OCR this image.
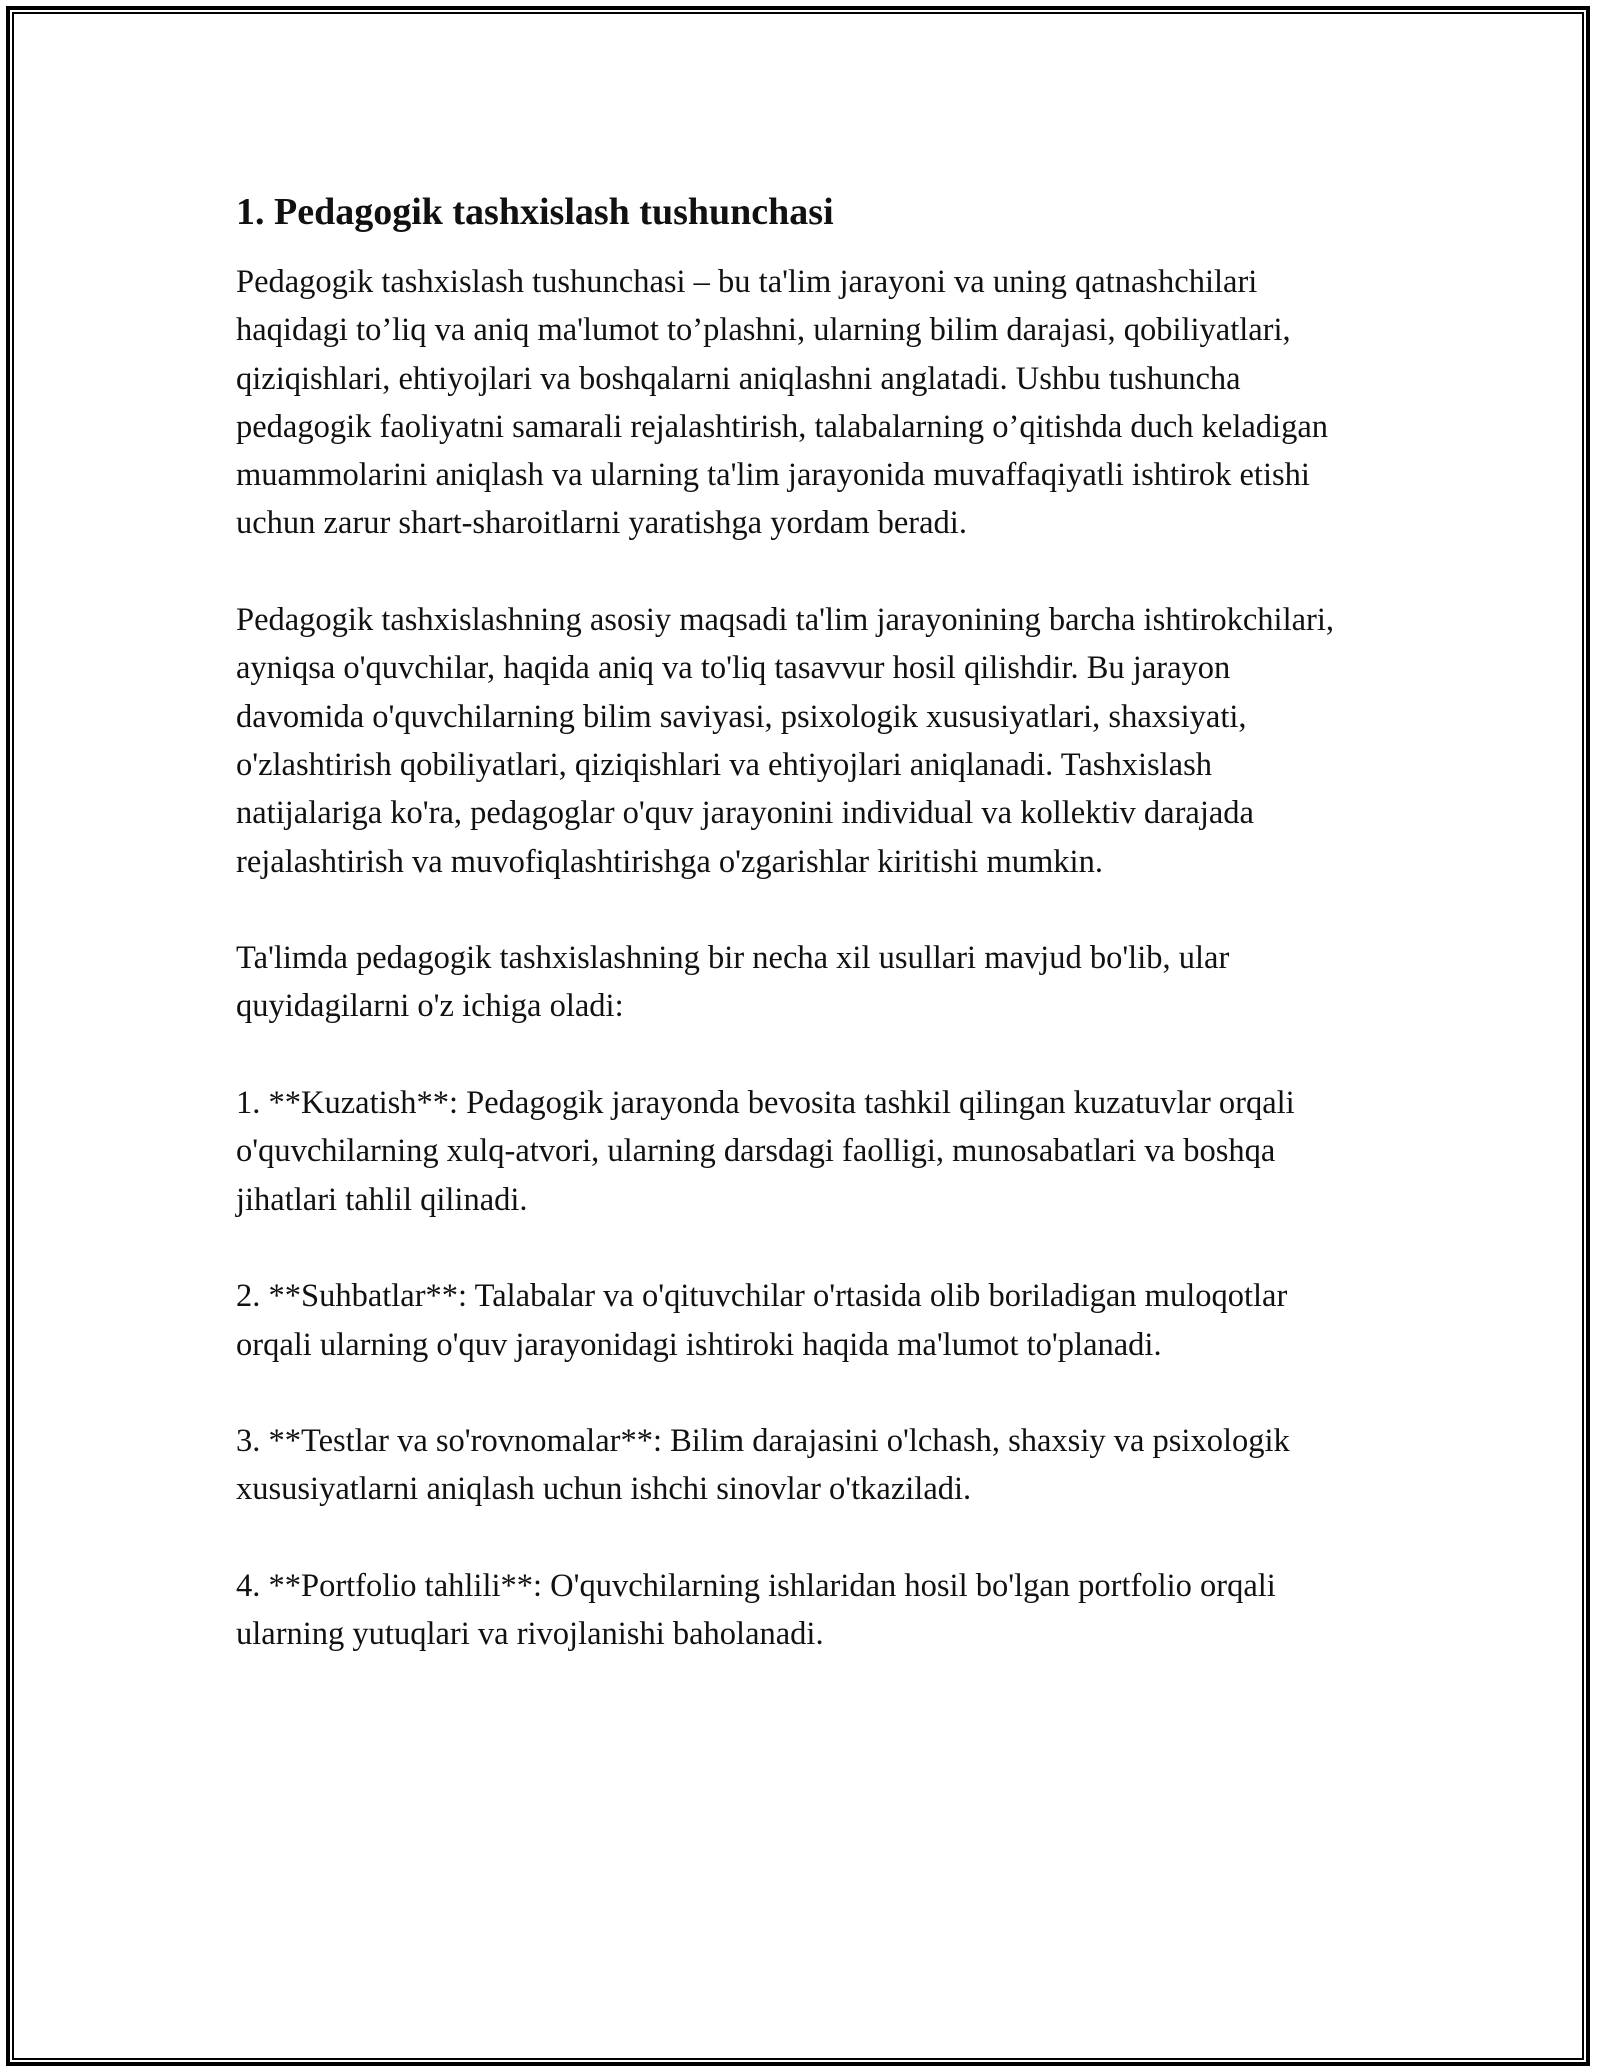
1. Pedagogik tashxislash tushunchasi

Pedagogik tashxislash tushunchasi – bu ta'lim jarayoni va uning qatnashchilari haqidagi to’liq va aniq ma'lumot to’plashni, ularning bilim darajasi, qobiliyatlari, qiziqishlari, ehtiyojlari va boshqalarni aniqlashni anglatadi. Ushbu tushuncha pedagogik faoliyatni samarali rejalashtirish, talabalarning o’qitishda duch keladigan muammolarini aniqlash va ularning ta'lim jarayonida muvaffaqiyatli ishtirok etishi uchun zarur shart-sharoitlarni yaratishga yordam beradi.

Pedagogik tashxislashning asosiy maqsadi ta'lim jarayonining barcha ishtirokchilari, ayniqsa o'quvchilar, haqida aniq va to'liq tasavvur hosil qilishdir. Bu jarayon davomida o'quvchilarning bilim saviyasi, psixologik xususiyatlari, shaxsiyati, o'zlashtirish qobiliyatlari, qiziqishlari va ehtiyojlari aniqlanadi. Tashxislash natijalariga ko'ra, pedagoglar o'quv jarayonini individual va kollektiv darajada rejalashtirish va muvofiqlashtirishga o'zgarishlar kiritishi mumkin.

Ta'limda pedagogik tashxislashning bir necha xil usullari mavjud bo'lib, ular quyidagilarni o'z ichiga oladi:

1. **Kuzatish**: Pedagogik jarayonda bevosita tashkil qilingan kuzatuvlar orqali o'quvchilarning xulq-atvori, ularning darsdagi faolligi, munosabatlari va boshqa jihatlari tahlil qilinadi.

2. **Suhbatlar**: Talabalar va o'qituvchilar o'rtasida olib boriladigan muloqotlar orqali ularning o'quv jarayonidagi ishtiroki haqida ma'lumot to'planadi.

3. **Testlar va so'rovnomalar**: Bilim darajasini o'lchash, shaxsiy va psixologik xususiyatlarni aniqlash uchun ishchi sinovlar o'tkaziladi.

4. **Portfolio tahlili**: O'quvchilarning ishlaridan hosil bo'lgan portfolio orqali ularning yutuqlari va rivojlanishi baholanadi.
